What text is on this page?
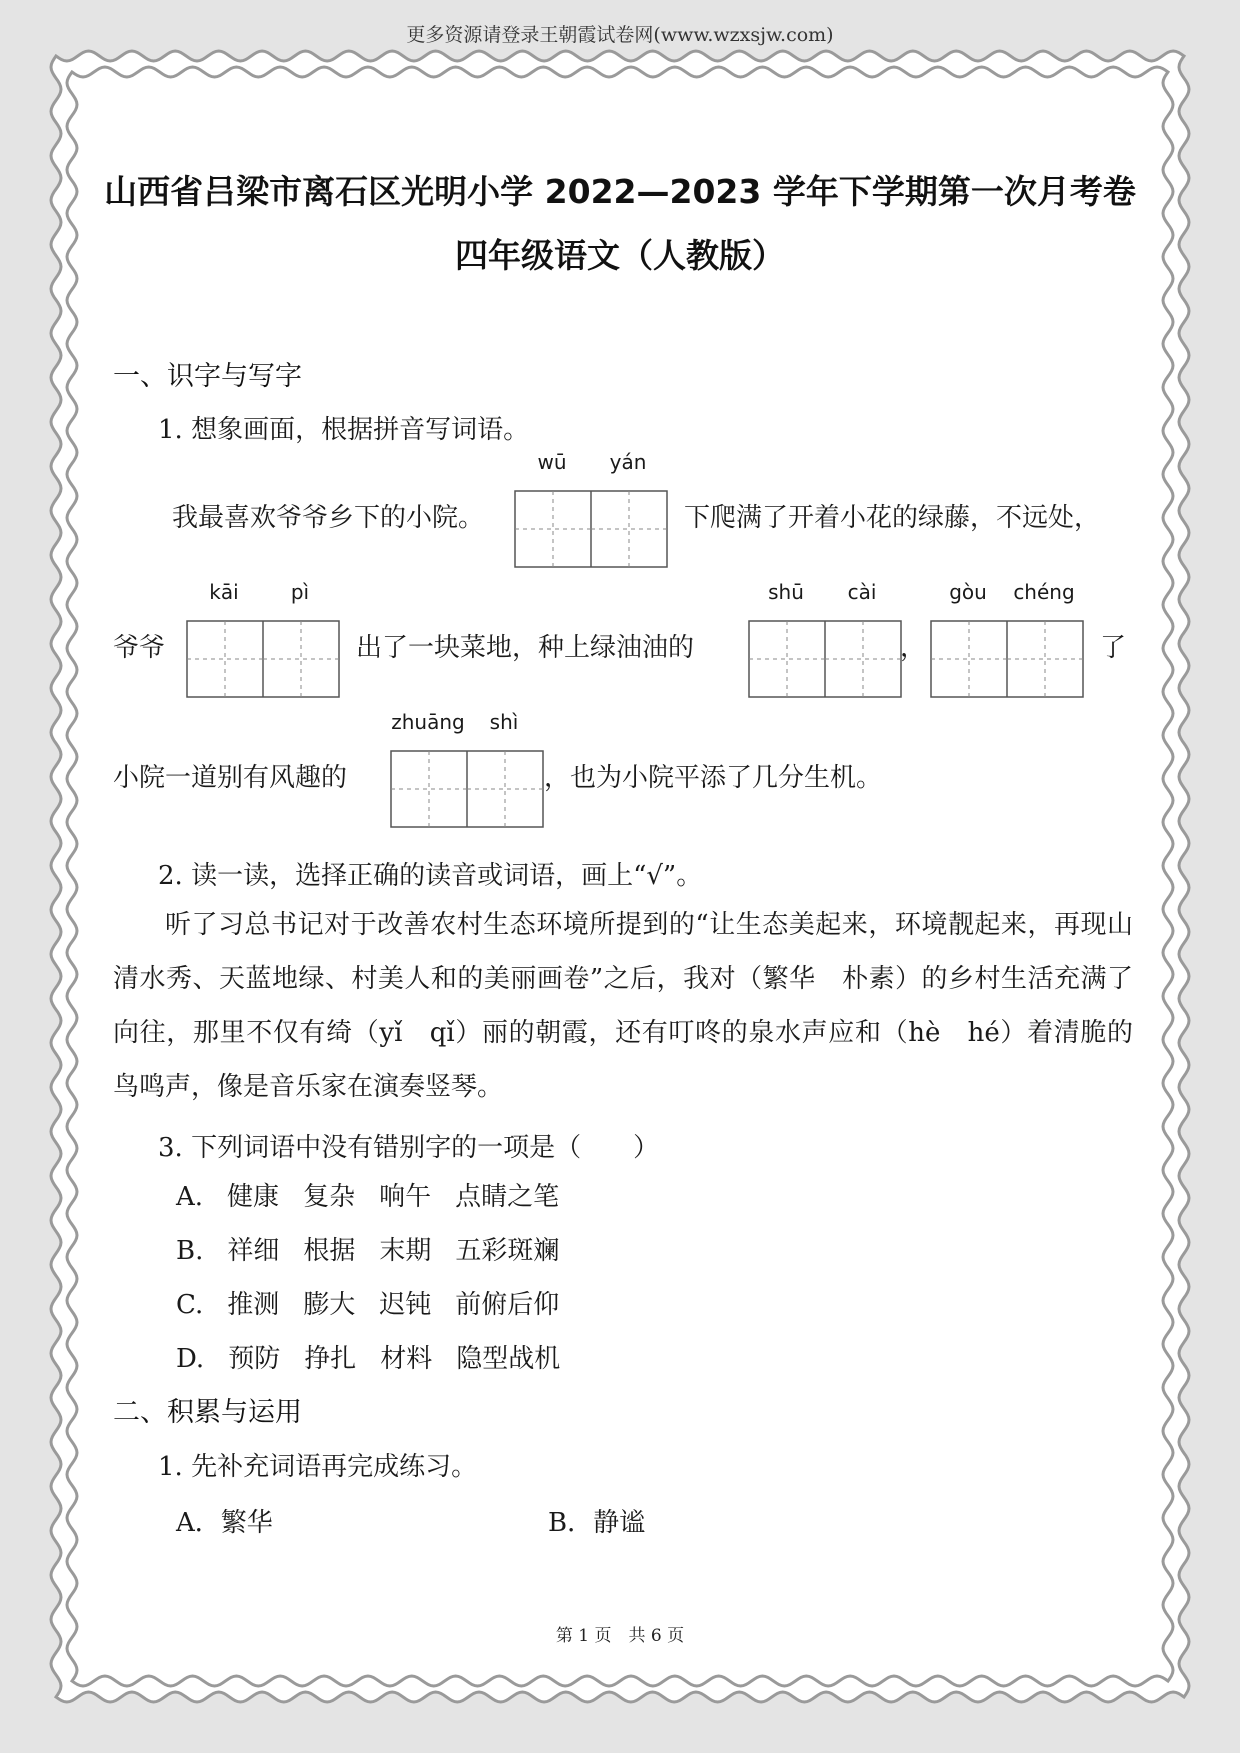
更多资源请登录王朝霞试卷网(www.wzxsjw.com)
山西省吕梁市离石区光明小学 2022—2023 学年下学期第一次月考卷
四年级语文（人教版）
一、识字与写字
1. 想象画面，根据拼音写词语。
我最喜欢爷爷乡下的小院。
wū	yán
下爬满了开着小花的绿藤，不远处，
爷爷
kāi	pì
出了一块菜地，种上绿油油的
shū	cài
，
gòu	chéng
了
小院一道别有风趣的
zhuāng	shì
，也为小院平添了几分生机。
2. 读一读，选择正确的读音或词语，画上“√”。
听了习总书记对于改善农村生态环境所提到的“让生态美起来，环境靓起来，再现山清水秀、天蓝地绿、村美人和的美丽画卷”之后，我对（繁华　朴素）的乡村生活充满了向往，那里不仅有绮（yǐ　qǐ）丽的朝霞，还有叮咚的泉水声应和（hè　hé）着清脆的鸟鸣声，像是音乐家在演奏竖琴。
3. 下列词语中没有错别字的一项是（　　）
A. 健康 复杂 响午 点睛之笔
B. 祥细 根据 末期 五彩斑斓
C. 推测 膨大 迟钝 前俯后仰
D. 预防 挣扎 材料 隐型战机
二、积累与运用
1. 先补充词语再完成练习。
A．繁华	B．静谧
第 1 页　共 6 页
